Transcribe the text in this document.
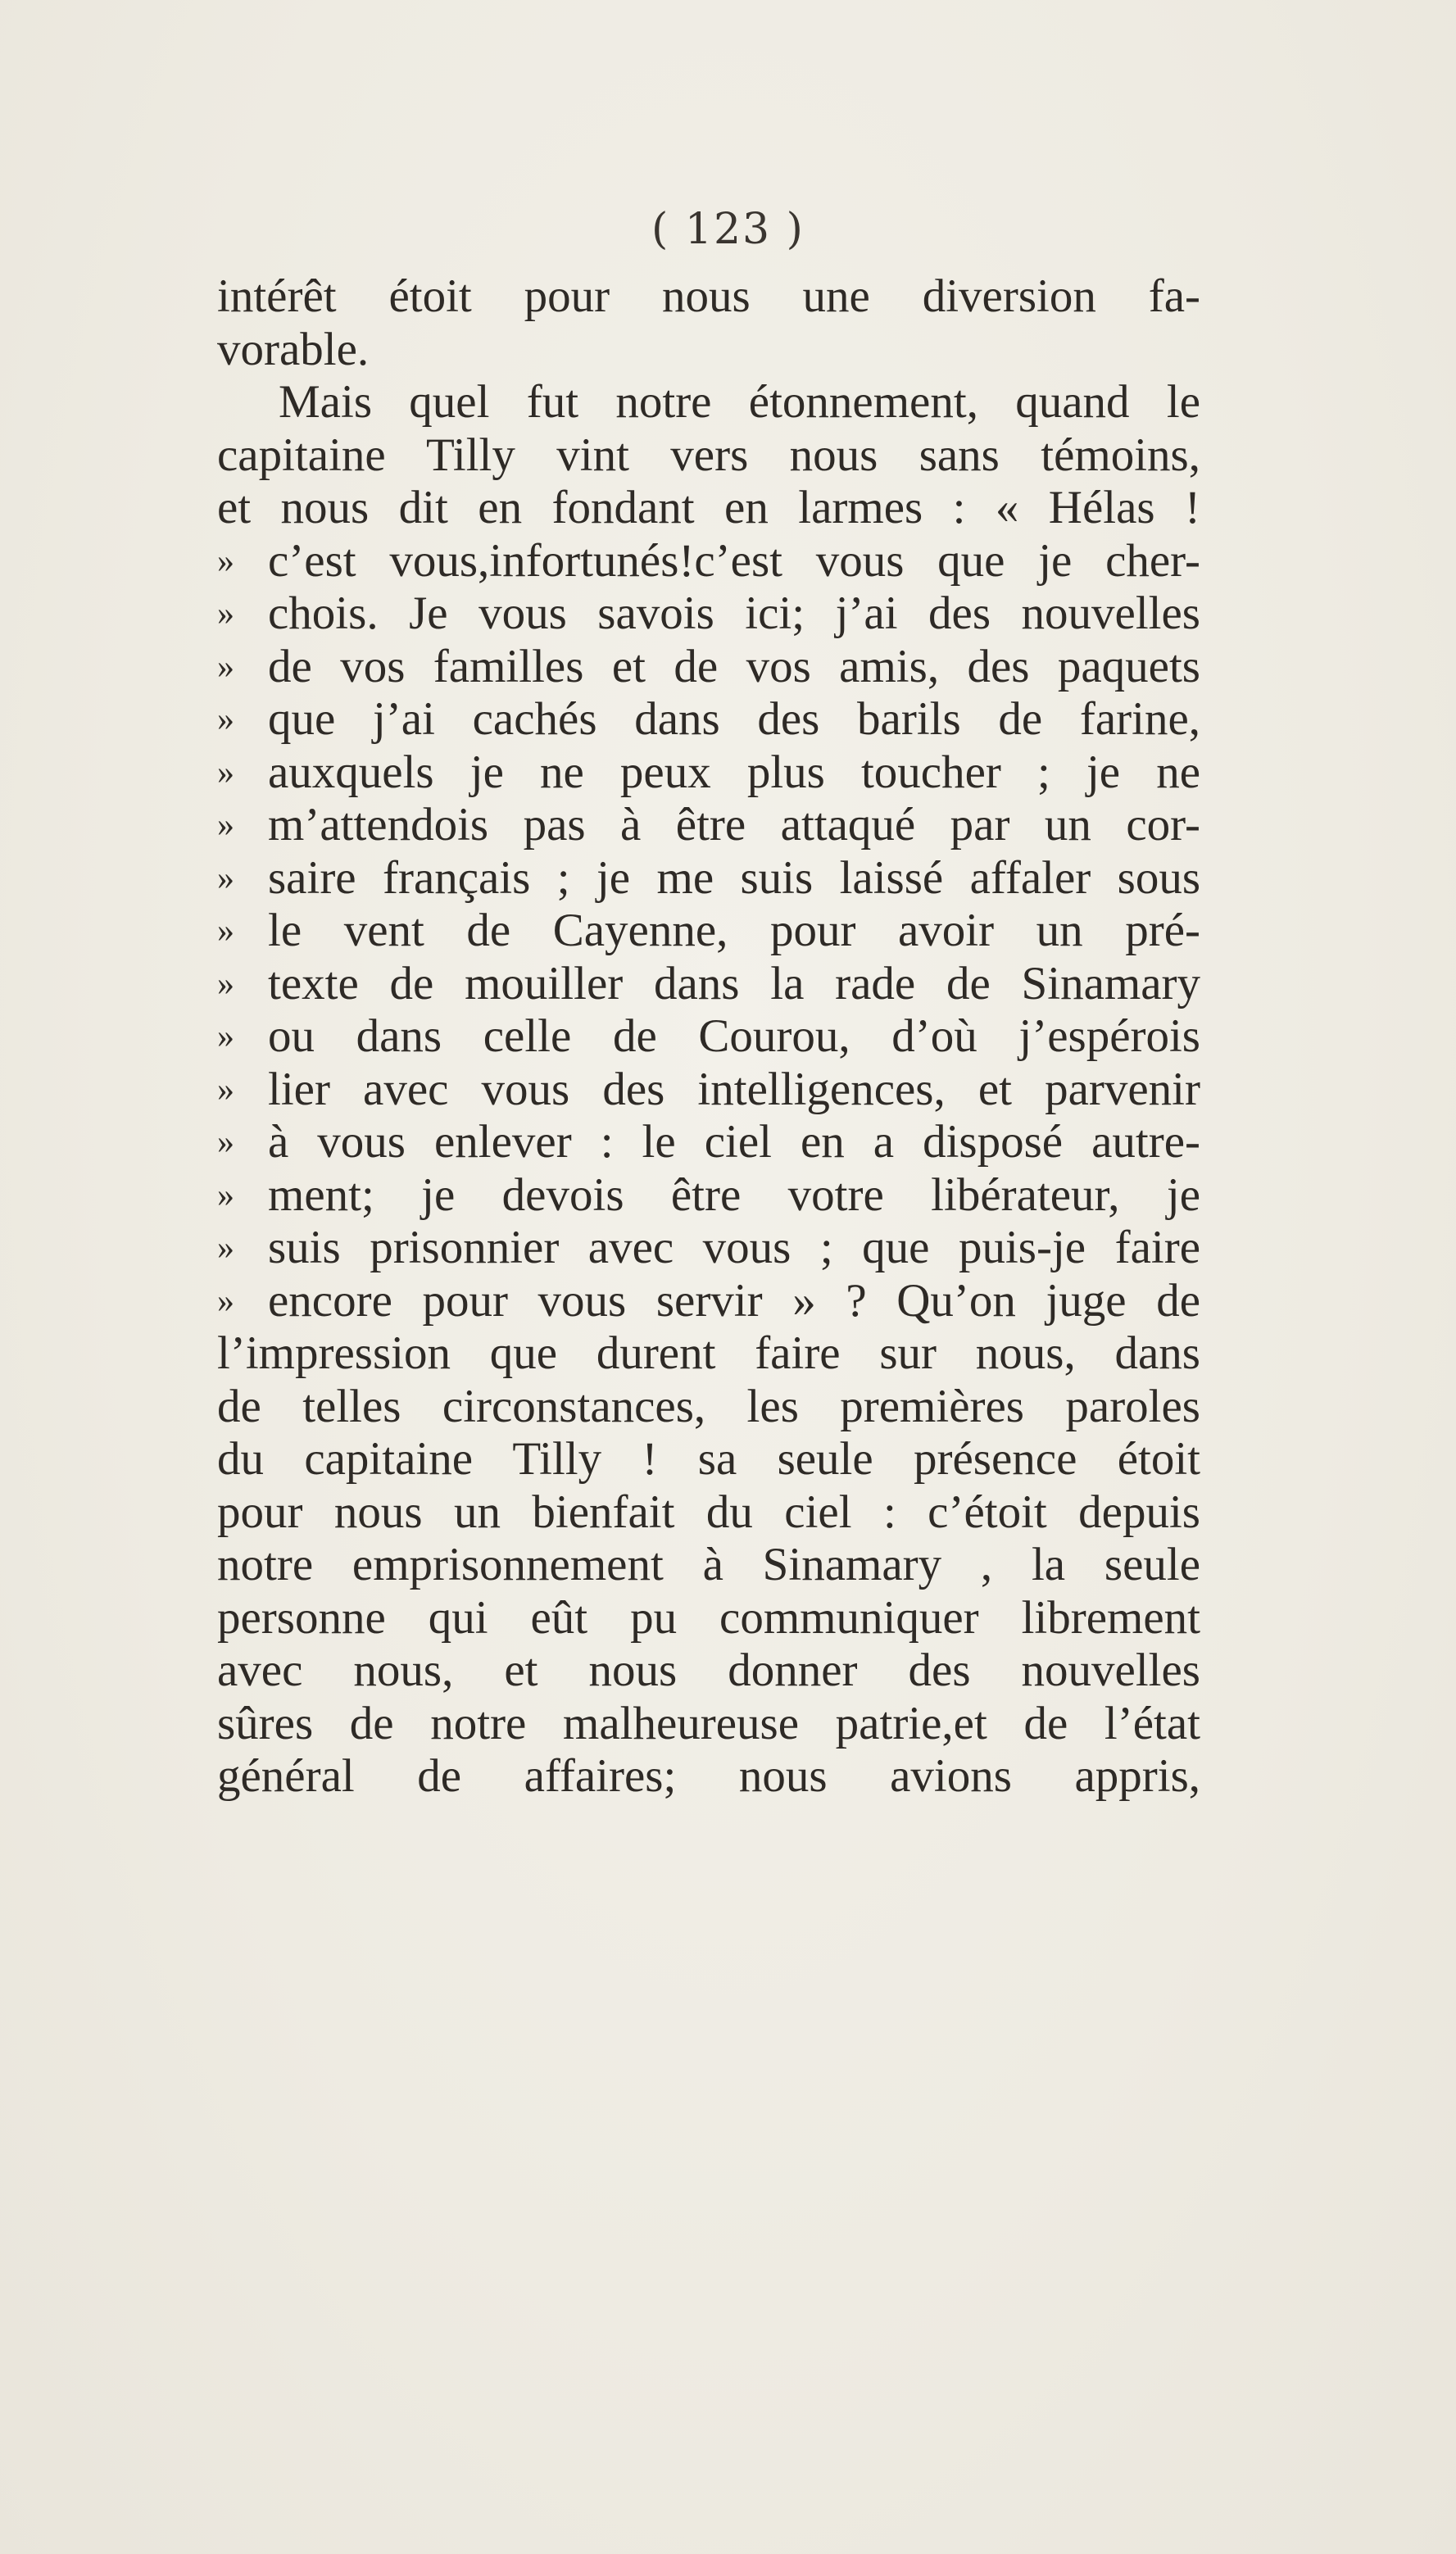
( 123 )
intérêt étoit pour nous une diversion fa-
vorable.
Mais quel fut notre étonnement, quand le
capitaine Tilly vint vers nous sans témoins,
et nous dit en fondant en larmes : « Hélas !
» c’est vous,infortunés!c’est vous que je cher-
» chois. Je vous savois ici; j’ai des nouvelles
» de vos familles et de vos amis, des paquets
» que j’ai cachés dans des barils de farine,
» auxquels je ne peux plus toucher ; je ne
» m’attendois pas à être attaqué par un cor-
» saire français ; je me suis laissé affaler sous
» le vent de Cayenne, pour avoir un pré-
» texte de mouiller dans la rade de Sinamary
» ou dans celle de Courou, d’où j’espérois
» lier avec vous des intelligences, et parvenir
» à vous enlever : le ciel en a disposé autre-
» ment; je devois être votre libérateur, je
» suis prisonnier avec vous ; que puis-je faire
» encore pour vous servir » ? Qu’on juge de
l’impression que durent faire sur nous, dans
de telles circonstances, les premières paroles
du capitaine Tilly ! sa seule présence étoit
pour nous un bienfait du ciel : c’étoit depuis
notre emprisonnement à Sinamary , la seule
personne qui eût pu communiquer librement
avec nous, et nous donner des nouvelles
sûres de notre malheureuse patrie,et de l’état
général de affaires; nous avions appris,
